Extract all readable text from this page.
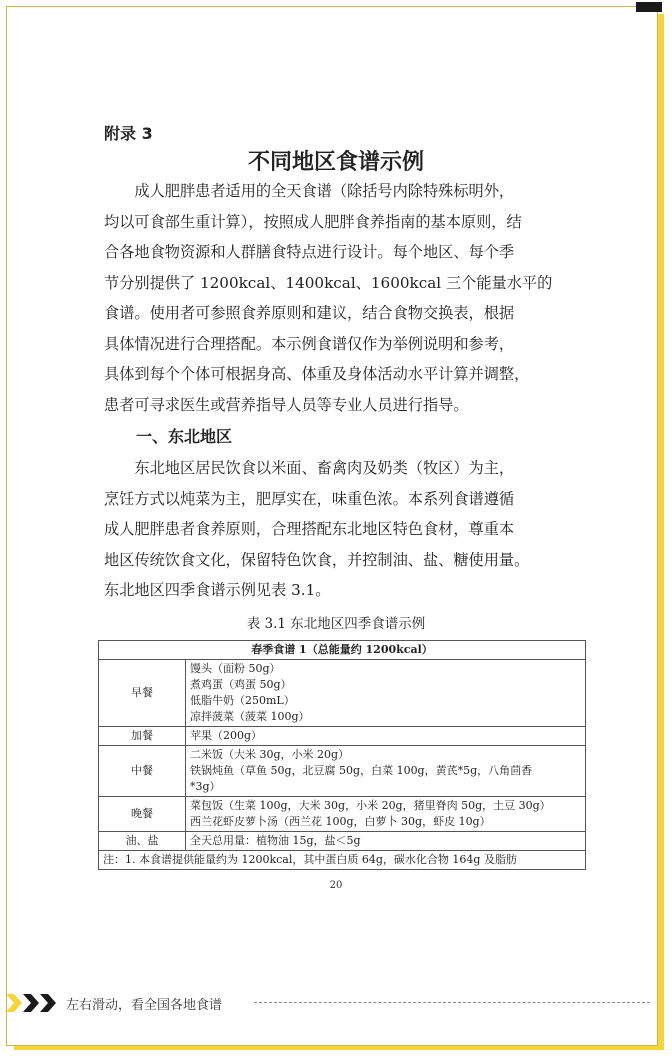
附录 3
不同地区食谱示例
成人肥胖患者适用的全天食谱（除括号内除特殊标明外，
均以可食部生重计算），按照成人肥胖食养指南的基本原则，结
合各地食物资源和人群膳食特点进行设计。每个地区、每个季
节分别提供了 1200kcal、1400kcal、1600kcal 三个能量水平的
食谱。使用者可参照食养原则和建议，结合食物交换表，根据
具体情况进行合理搭配。本示例食谱仅作为举例说明和参考，
具体到每个个体可根据身高、体重及身体活动水平计算并调整，
患者可寻求医生或营养指导人员等专业人员进行指导。
一、东北地区
东北地区居民饮食以米面、畜禽肉及奶类（牧区）为主，
烹饪方式以炖菜为主，肥厚实在，味重色浓。本系列食谱遵循
成人肥胖患者食养原则，合理搭配东北地区特色食材，尊重本
地区传统饮食文化，保留特色饮食，并控制油、盐、糖使用量。
东北地区四季食谱示例见表 3.1。
表 3.1 东北地区四季食谱示例
春季食谱 1（总能量约 1200kcal）	
早餐	馒头（面粉 50g）
煮鸡蛋（鸡蛋 50g）
低脂牛奶（250mL）
凉拌菠菜（菠菜 100g）

加餐	苹果（200g）

中餐	二米饭（大米 30g，小米 20g）
铁锅炖鱼（草鱼 50g，北豆腐 50g，白菜 100g，黄芪*5g，八角茴香
*3g）

晚餐	菜包饭（生菜 100g，大米 30g，小米 20g，猪里脊肉 50g，土豆 30g）
西兰花虾皮萝卜汤（西兰花 100g，白萝卜 30g，虾皮 10g）

油、盐	全天总用量：植物油 15g，盐＜5g

注：1. 本食谱提供能量约为 1200kcal，其中蛋白质 64g，碳水化合物 164g 及脂肪	
20
左右滑动，看全国各地食谱
